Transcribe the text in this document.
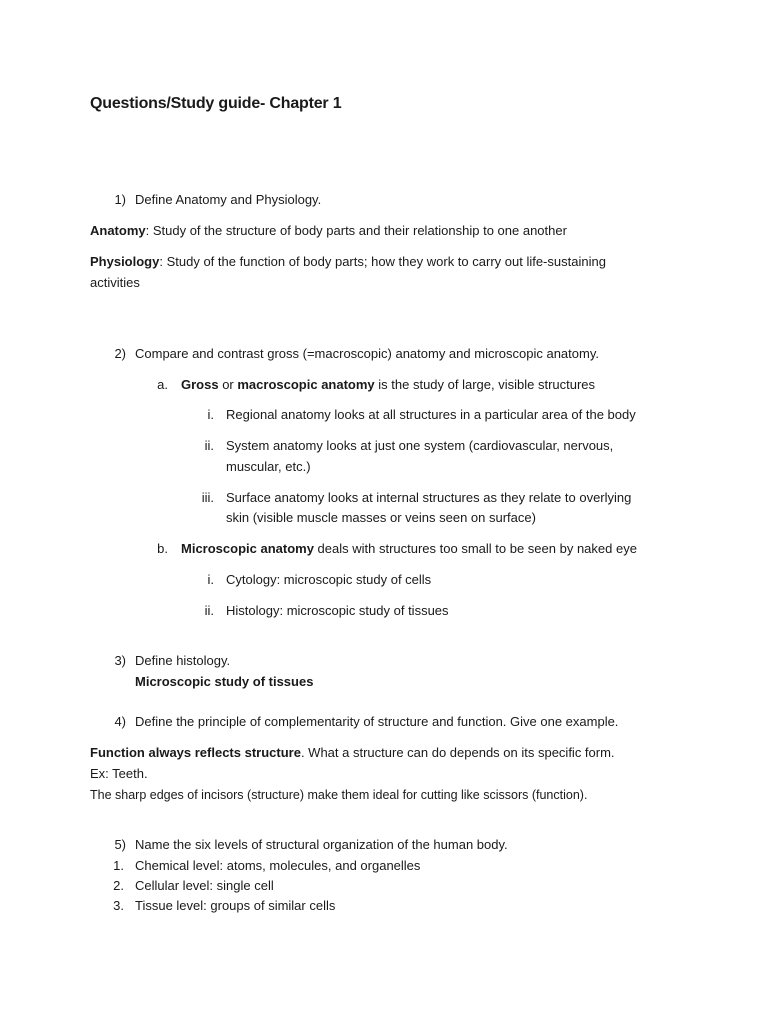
Questions/Study guide- Chapter 1
1) Define Anatomy and Physiology.
Anatomy: Study of the structure of body parts and their relationship to one another
Physiology: Study of the function of body parts; how they work to carry out life-sustaining
activities
2) Compare and contrast gross (=macroscopic) anatomy and microscopic anatomy.
a. Gross or macroscopic anatomy is the study of large, visible structures
i. Regional anatomy looks at all structures in a particular area of the body
ii. System anatomy looks at just one system (cardiovascular, nervous,
muscular, etc.)
iii. Surface anatomy looks at internal structures as they relate to overlying
skin (visible muscle masses or veins seen on surface)
b. Microscopic anatomy deals with structures too small to be seen by naked eye
i. Cytology: microscopic study of cells
ii. Histology: microscopic study of tissues
3) Define histology.
Microscopic study of tissues
4) Define the principle of complementarity of structure and function. Give one example.
Function always reflects structure. What a structure can do depends on its specific form.
Ex: Teeth.
The sharp edges of incisors (structure) make them ideal for cutting like scissors (function).
5) Name the six levels of structural organization of the human body.
1. Chemical level: atoms, molecules, and organelles
2. Cellular level: single cell
3. Tissue level: groups of similar cells
